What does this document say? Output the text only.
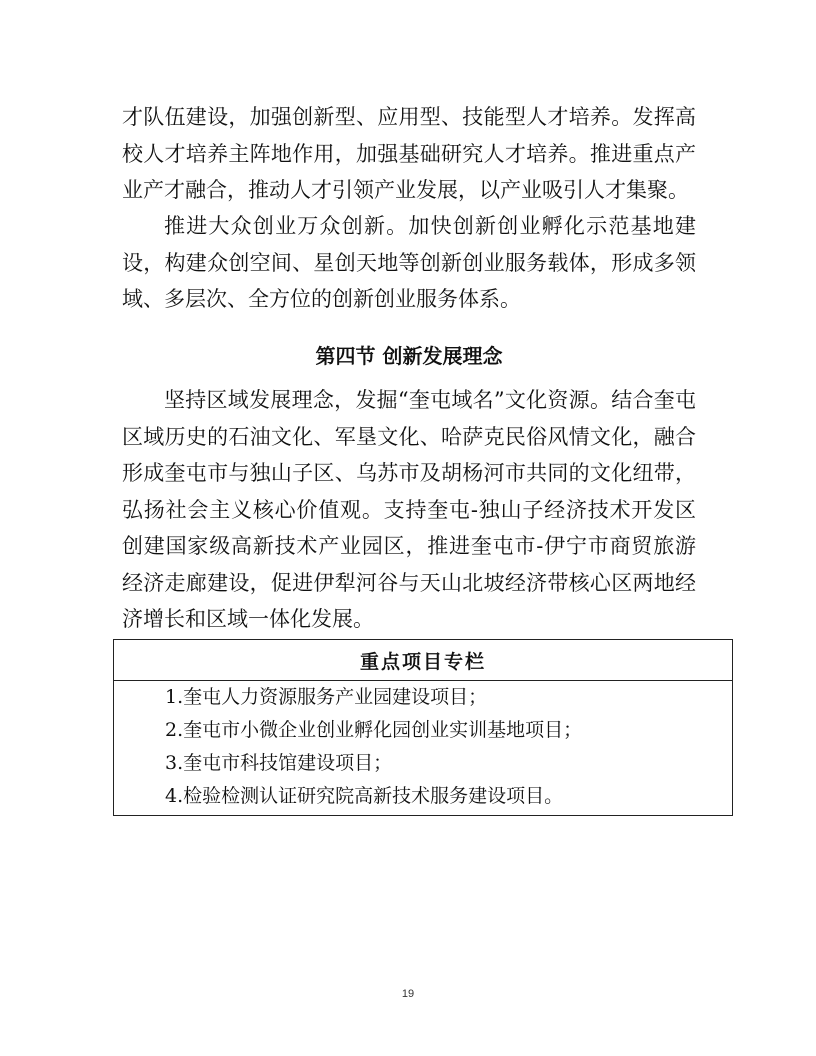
才队伍建设，加强创新型、应用型、技能型人才培养。发挥高校人才培养主阵地作用，加强基础研究人才培养。推进重点产业产才融合，推动人才引领产业发展，以产业吸引人才集聚。

推进大众创业万众创新。加快创新创业孵化示范基地建设，构建众创空间、星创天地等创新创业服务载体，形成多领域、多层次、全方位的创新创业服务体系。

第四节 创新发展理念

坚持区域发展理念，发掘“奎屯域名”文化资源。结合奎屯区域历史的石油文化、军垦文化、哈萨克民俗风情文化，融合形成奎屯市与独山子区、乌苏市及胡杨河市共同的文化纽带，弘扬社会主义核心价值观。支持奎屯-独山子经济技术开发区创建国家级高新技术产业园区，推进奎屯市-伊宁市商贸旅游经济走廊建设，促进伊犁河谷与天山北坡经济带核心区两地经济增长和区域一体化发展。

重点项目专栏
1.奎屯人力资源服务产业园建设项目；
2.奎屯市小微企业创业孵化园创业实训基地项目；
3.奎屯市科技馆建设项目；
4.检验检测认证研究院高新技术服务建设项目。
19
